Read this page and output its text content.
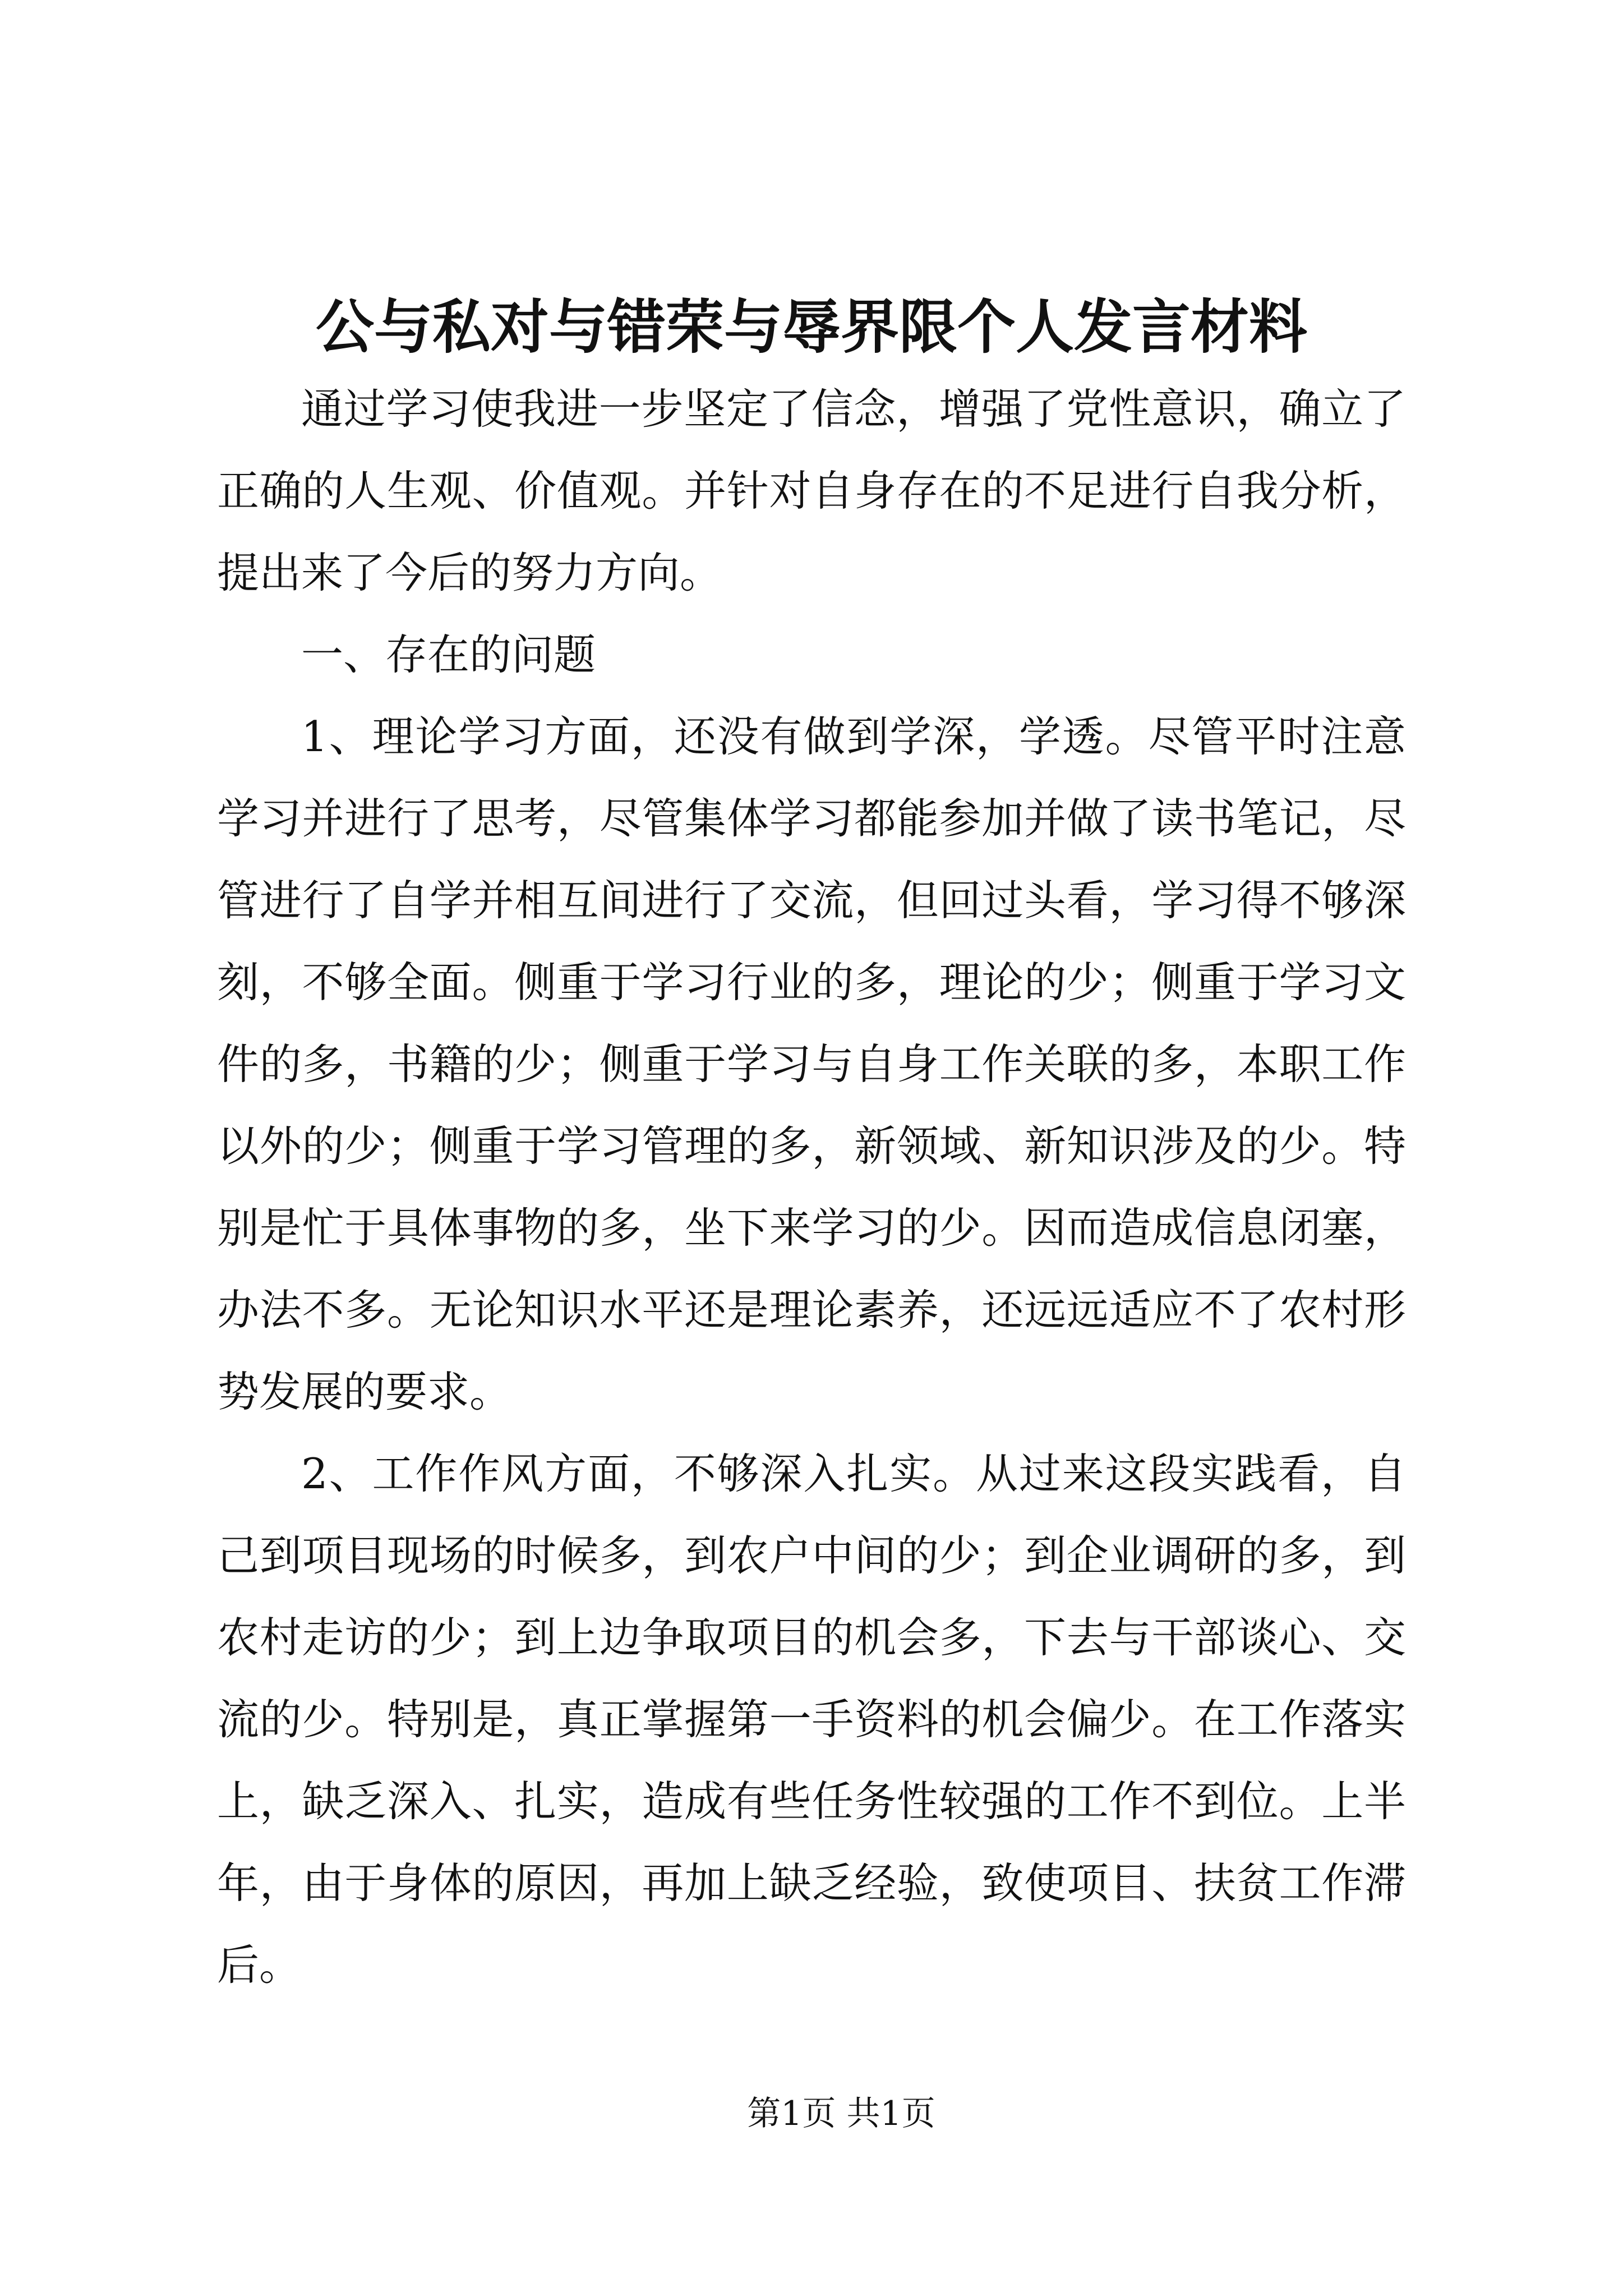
公与私对与错荣与辱界限个人发言材料
通过学习使我进一步坚定了信念，增强了党性意识，确立了
正确的人生观、价值观。并针对自身存在的不足进行自我分析，
提出来了今后的努力方向。
一、存在的问题
1、理论学习方面，还没有做到学深，学透。尽管平时注意
学习并进行了思考，尽管集体学习都能参加并做了读书笔记，尽
管进行了自学并相互间进行了交流，但回过头看，学习得不够深
刻，不够全面。侧重于学习行业的多，理论的少；侧重于学习文
件的多，书籍的少；侧重于学习与自身工作关联的多，本职工作
以外的少；侧重于学习管理的多，新领域、新知识涉及的少。特
别是忙于具体事物的多，坐下来学习的少。因而造成信息闭塞，
办法不多。无论知识水平还是理论素养，还远远适应不了农村形
势发展的要求。
2、工作作风方面，不够深入扎实。从过来这段实践看，自
己到项目现场的时候多，到农户中间的少；到企业调研的多，到
农村走访的少；到上边争取项目的机会多，下去与干部谈心、交
流的少。特别是，真正掌握第一手资料的机会偏少。在工作落实
上，缺乏深入、扎实，造成有些任务性较强的工作不到位。上半
年，由于身体的原因，再加上缺乏经验，致使项目、扶贫工作滞
后。
第1页 共1页
